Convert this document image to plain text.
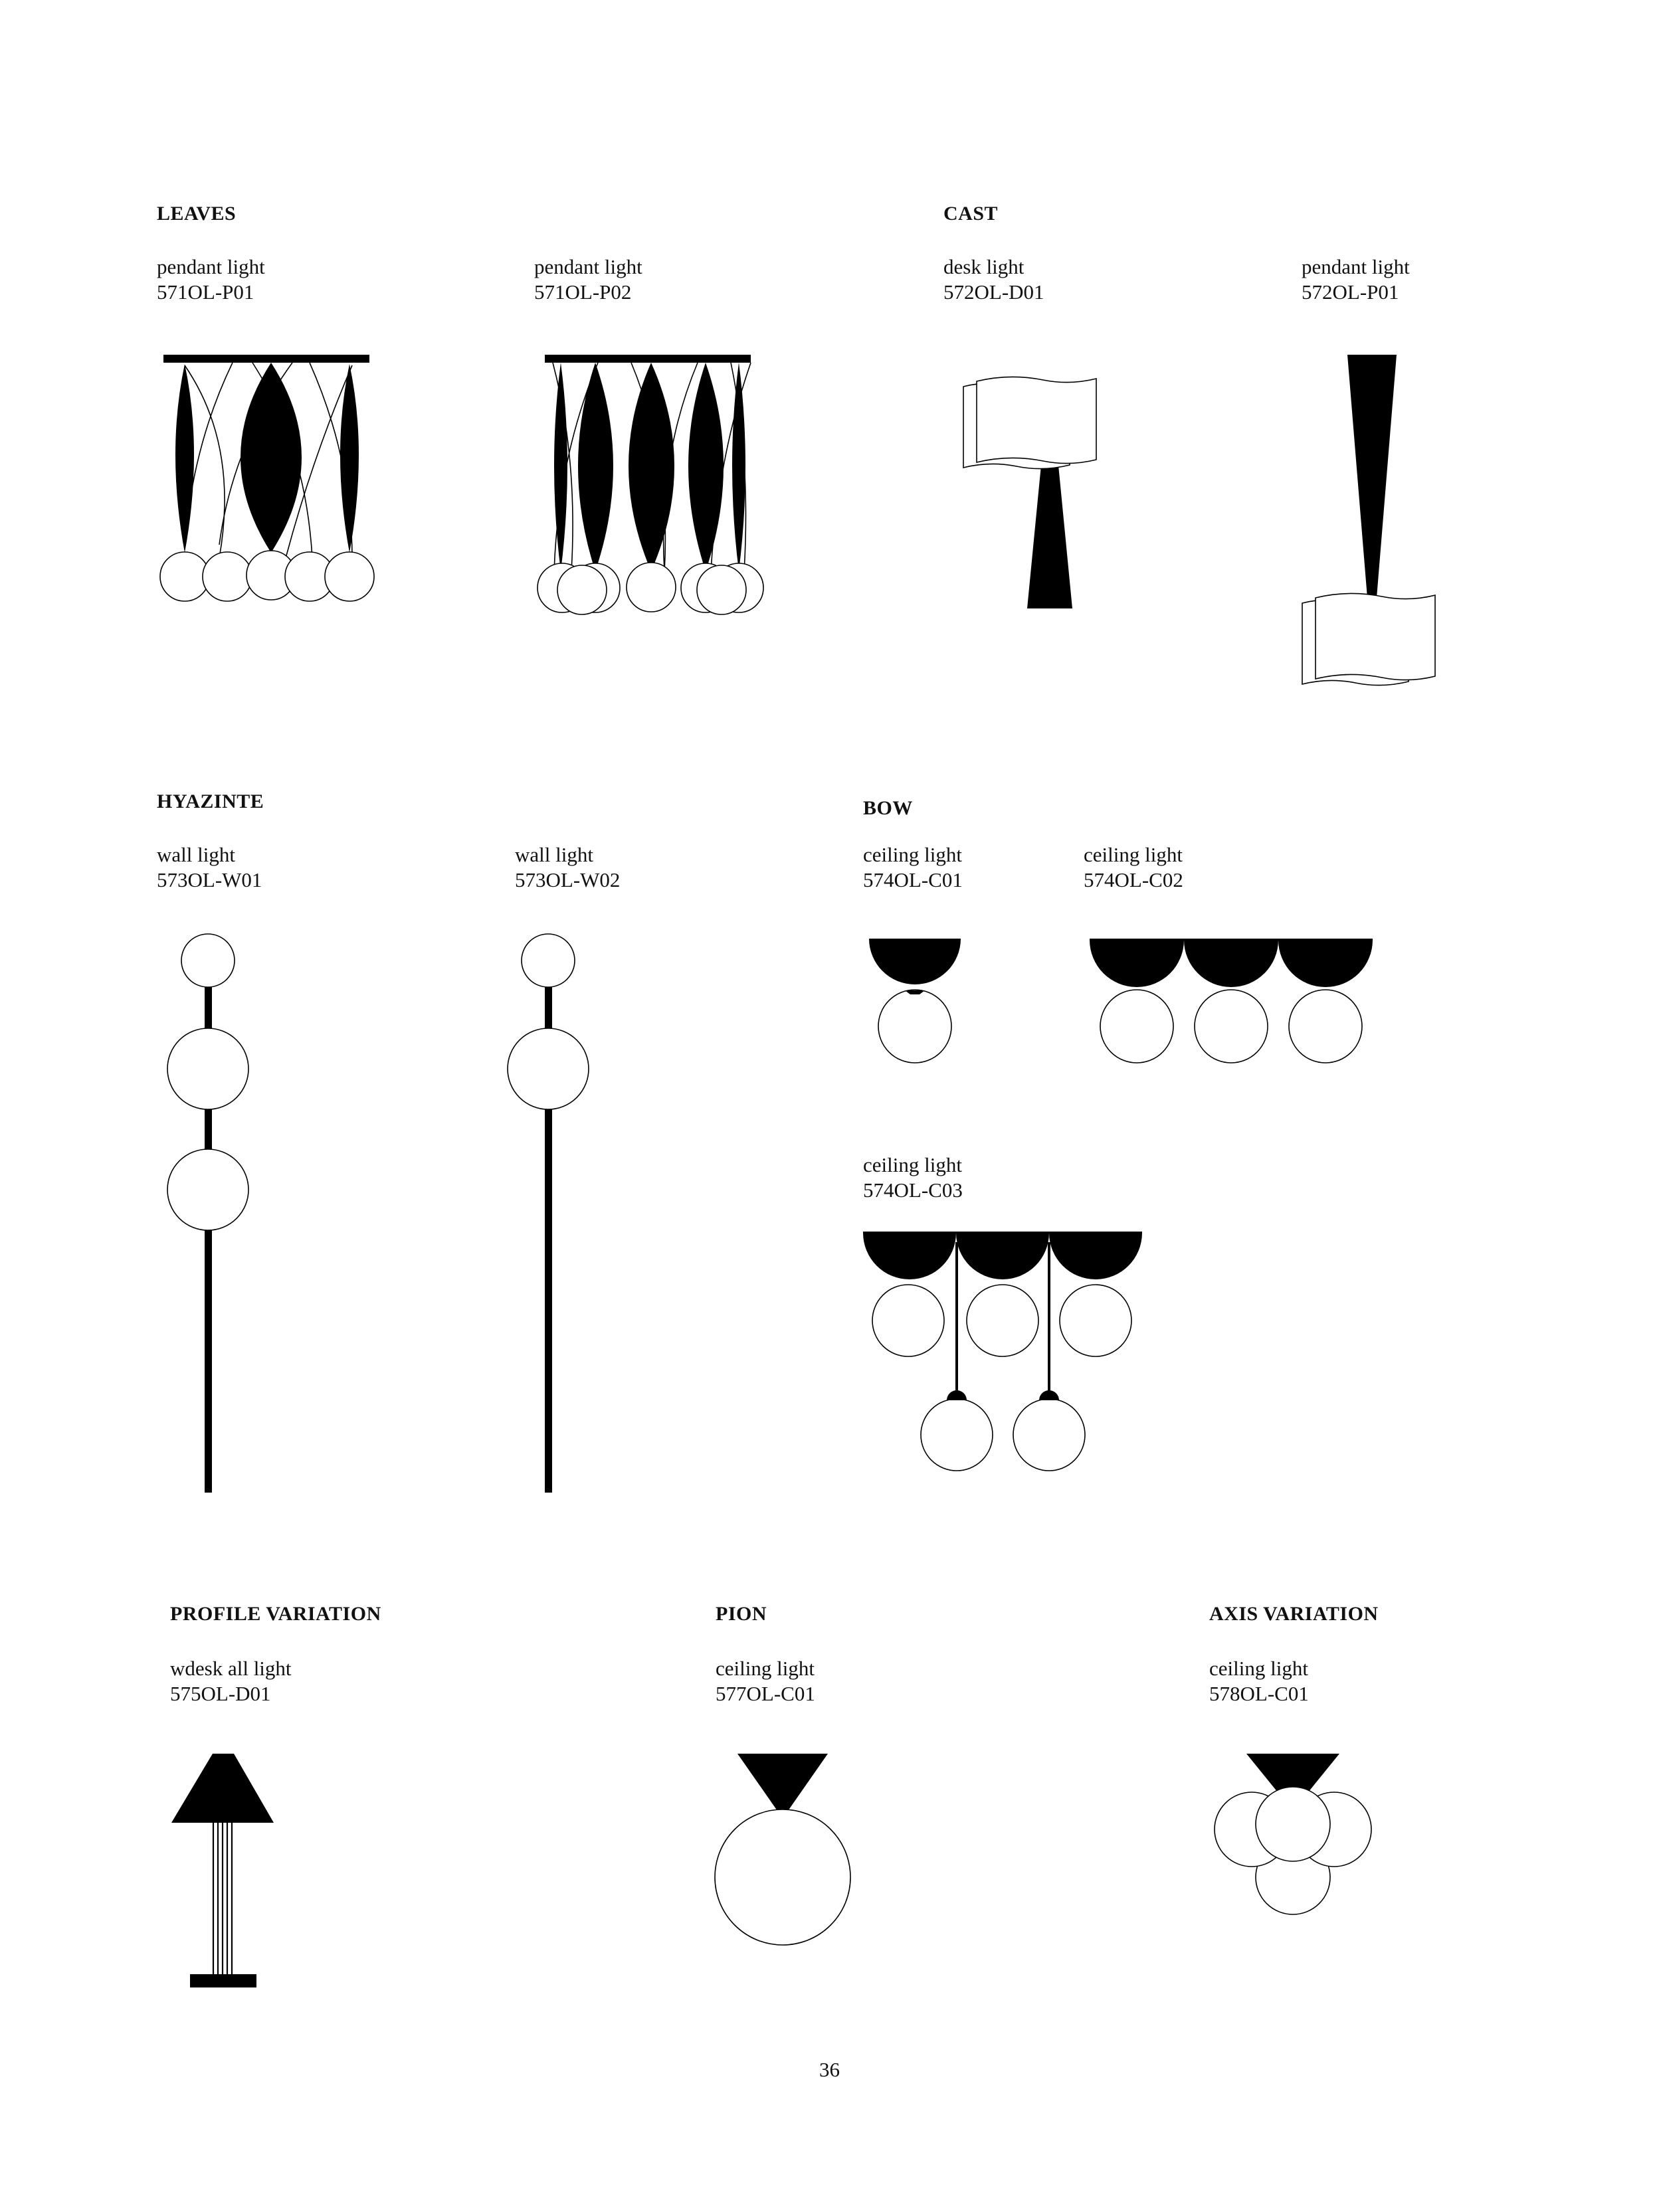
LEAVES	CAST
HYAZINTE	BOW
PROFILE VARIATION	PION	AXIS VARIATION
pendant light
571OL-P01
pendant light
571OL-P02
desk light
572OL-D01
pendant light
572OL-P01
wall light
573OL-W01
wall light
573OL-W02
ceiling light
574OL-C01
ceiling light
574OL-C02
ceiling light
574OL-C03
wdesk all light
575OL-D01
ceiling light
577OL-C01
ceiling light
578OL-C01
36
